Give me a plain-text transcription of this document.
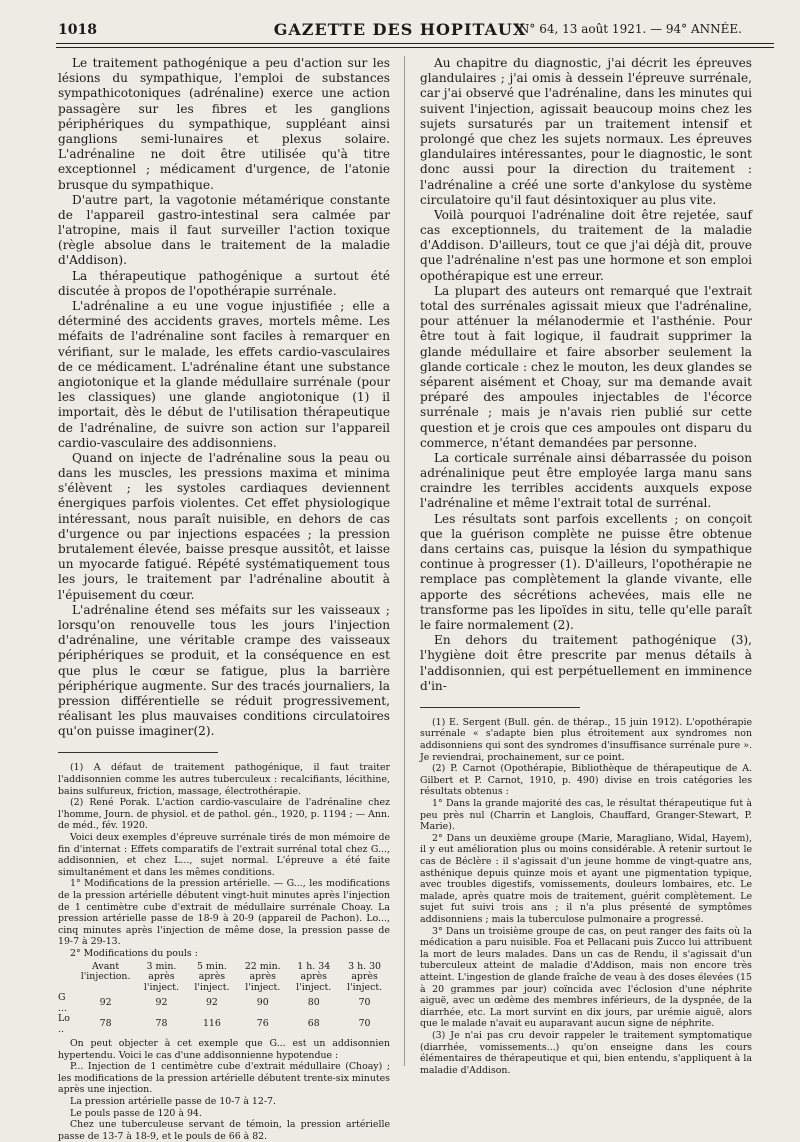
1018	GAZETTE DES HOPITAUX
N° 64, 13 août 1921. — 94° ANNÉE.

Le traitement pathogénique a peu d'action sur les lésions du sympathique, l'emploi de substances sympathicotoniques (adrénaline) exerce une action passagère sur les fibres et les ganglions périphériques du sympathique, suppléant ainsi ganglions semi-lunaires et plexus solaire. L'adrénaline ne doit être utilisée qu'à titre exceptionnel ; médicament d'urgence, de l'atonie brusque du sympathique.

D'autre part, la vagotonie métamérique constante de l'appareil gastro-intestinal sera calmée par l'atropine, mais il faut surveiller l'action toxique (règle absolue dans le traitement de la maladie d'Addison).

La thérapeutique pathogénique a surtout été discutée à propos de l'opothérapie surrénale.

L'adrénaline a eu une vogue injustifiée ; elle a déterminé des accidents graves, mortels même. Les méfaits de l'adrénaline sont faciles à remarquer en vérifiant, sur le malade, les effets cardio-vasculaires de ce médicament. L'adrénaline étant une substance angiotonique et la glande médullaire surrénale (pour les classiques) une glande angiotonique (1) il importait, dès le début de l'utilisation thérapeutique de l'adrénaline, de suivre son action sur l'appareil cardio-vasculaire des addisonniens.

Quand on injecte de l'adrénaline sous la peau ou dans les muscles, les pressions maxima et minima s'élèvent ; les systoles cardiaques deviennent énergiques parfois violentes. Cet effet physiologique intéressant, nous paraît nuisible, en dehors de cas d'urgence ou par injections espacées ; la pression brutalement élevée, baisse presque aussitôt, et laisse un myocarde fatigué. Répété systématiquement tous les jours, le traitement par l'adrénaline aboutit à l'épuisement du cœur.

L'adrénaline étend ses méfaits sur les vaisseaux ; lorsqu'on renouvelle tous les jours l'injection d'adrénaline, une véritable crampe des vaisseaux périphériques se produit, et la conséquence en est que plus le cœur se fatigue, plus la barrière périphérique augmente. Sur des tracés journaliers, la pression différentielle se réduit progressivement, réalisant les plus mauvaises conditions circulatoires qu'on puisse imaginer(2).

(1) A défaut de traitement pathogénique, il faut traiter l'addisonnien comme les autres tuberculeux : recalcifiants, lécithine, bains sulfureux, friction, massage, électrothérapie.

(2) René Porak. L'action cardio-vasculaire de l'adrénaline chez l'homme, Journ. de physiol. et de pathol. gén., 1920, p. 1194 ; — Ann. de méd., fév. 1920.

Voici deux exemples d'épreuve surrénale tirés de mon mémoire de fin d'internat : Effets comparatifs de l'extrait surrénal total chez G..., addisonnien, et chez L..., sujet normal. L'épreuve a été faite simultanément et dans les mêmes conditions.

1° Modifications de la pression artérielle. — G..., les modifications de la pression artérielle débutent vingt-huit minutes après l'injection de 1 centimètre cube d'extrait de médullaire surrénale Choay. La pression artérielle passe de 18-9 à 20-9 (appareil de Pachon). Lo..., cinq minutes après l'injection de même dose, la pression passe de 19-7 à 29-13.

2° Modifications du pouls :

	Avant l'injection.	3 min. après l'inject.	5 min. après l'inject.	22 min. après l'inject.	1 h. 34 après l'inject.	3 h. 30 après l'inject.
G ...	92	92	92	90	80	70
Lo ..	78	78	116	76	68	70

On peut objecter à cet exemple que G... est un addisonnien hypertendu. Voici le cas d'une addisonnienne hypotendue :

P... Injection de 1 centimètre cube d'extrait médullaire (Choay) ; les modifications de la pression artérielle débutent trente-six minutes après une injection.

La pression artérielle passe de 10-7 à 12-7.

Le pouls passe de 120 à 94.

Chez une tuberculeuse servant de témoin, la pression artérielle passe de 13-7 à 18-9, et le pouls de 66 à 82.

Au chapitre du diagnostic, j'ai décrit les épreuves glandulaires ; j'ai omis à dessein l'épreuve surrénale, car j'ai observé que l'adrénaline, dans les minutes qui suivent l'injection, agissait beaucoup moins chez les sujets sursaturés par un traitement intensif et prolongé que chez les sujets normaux. Les épreuves glandulaires intéressantes, pour le diagnostic, le sont donc aussi pour la direction du traitement : l'adrénaline a créé une sorte d'ankylose du système circulatoire qu'il faut désintoxiquer au plus vite.

Voilà pourquoi l'adrénaline doit être rejetée, sauf cas exceptionnels, du traitement de la maladie d'Addison. D'ailleurs, tout ce que j'ai déjà dit, prouve que l'adrénaline n'est pas une hormone et son emploi opothérapique est une erreur.

La plupart des auteurs ont remarqué que l'extrait total des surrénales agissait mieux que l'adrénaline, pour atténuer la mélanodermie et l'asthénie. Pour être tout à fait logique, il faudrait supprimer la glande médullaire et faire absorber seulement la glande corticale : chez le mouton, les deux glandes se séparent aisément et Choay, sur ma demande avait préparé des ampoules injectables de l'écorce surrénale ; mais je n'avais rien publié sur cette question et je crois que ces ampoules ont disparu du commerce, n'étant demandées par personne.

La corticale surrénale ainsi débarrassée du poison adrénalinique peut être employée larga manu sans craindre les terribles accidents auxquels expose l'adrénaline et même l'extrait total de surrénal.

Les résultats sont parfois excellents ; on conçoit que la guérison complète ne puisse être obtenue dans certains cas, puisque la lésion du sympathique continue à progresser (1). D'ailleurs, l'opothérapie ne remplace pas complètement la glande vivante, elle apporte des sécrétions achevées, mais elle ne transforme pas les lipoïdes in situ, telle qu'elle paraît le faire normalement (2).

En dehors du traitement pathogénique (3), l'hygiène doit être prescrite par menus détails à l'addisonnien, qui est perpétuellement en imminence d'in-

(1) E. Sergent (Bull. gén. de thérap., 15 juin 1912). L'opothérapie surrénale « s'adapte bien plus étroitement aux syndromes non addisonniens qui sont des syndromes d'insuffisance surrénale pure ». Je reviendrai, prochainement, sur ce point.

(2) P. Carnot (Opothérapie, Bibliothèque de thérapeutique de A. Gilbert et P. Carnot, 1910, p. 490) divise en trois catégories les résultats obtenus :

1° Dans la grande majorité des cas, le résultat thérapeutique fut à peu près nul (Charrin et Langlois, Chauffard, Granger-Stewart, P. Marie).

2° Dans un deuxième groupe (Marie, Maragliano, Widal, Hayem), il y eut amélioration plus ou moins considérable. À retenir surtout le cas de Béclère : il s'agissait d'un jeune homme de vingt-quatre ans, asthénique depuis quinze mois et ayant une pigmentation typique, avec troubles digestifs, vomissements, douleurs lombaires, etc. Le malade, après quatre mois de traitement, guérit complètement. Le sujet fut suivi trois ans ; il n'a plus présenté de symptômes addisonniens ; mais la tuberculose pulmonaire a progressé.

3° Dans un troisième groupe de cas, on peut ranger des faits où la médication a paru nuisible. Foa et Pellacani puis Zucco lui attribuent la mort de leurs malades. Dans un cas de Rendu, il s'agissait d'un tuberculeux atteint de maladie d'Addison, mais non encore très atteint. L'ingestion de glande fraîche de veau à des doses élevées (15 à 20 grammes par jour) coïncida avec l'éclosion d'une néphrite aiguë, avec un œdème des membres inférieurs, de la dyspnée, de la diarrhée, etc. La mort survint en dix jours, par urémie aiguë, alors que le malade n'avait eu auparavant aucun signe de néphrite.

(3) Je n'ai pas cru devoir rappeler le traitement symptomatique (diarrhée, vomissements...) qu'on enseigne dans les cours élémentaires de thérapeutique et qui, bien entendu, s'appliquent à la maladie d'Addison.
